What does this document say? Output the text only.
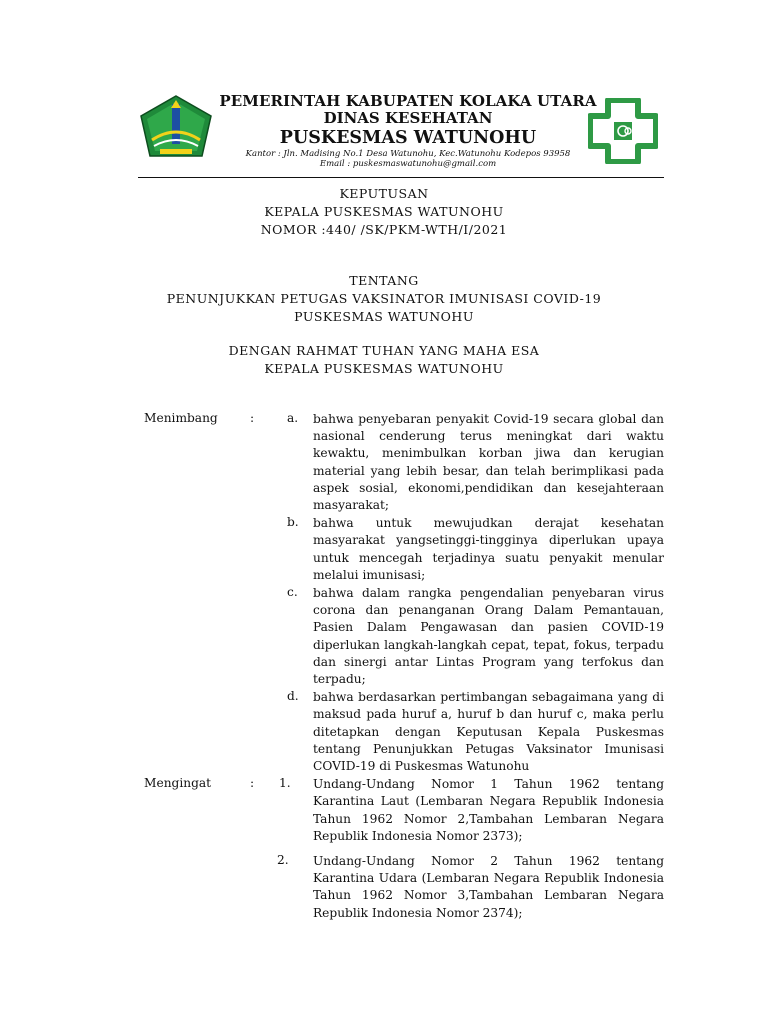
PEMERINTAH KABUPATEN KOLAKA UTARA
DINAS KESEHATAN
PUSKESMAS WATUNOHU
Kantor : Jln. Madising No.1 Desa Watunohu, Kec.Watunohu Kodepos 93958
Email : puskesmaswatunohu@gmail.com
KEPUTUSAN
KEPALA PUSKESMAS WATUNOHU
NOMOR :440/ /SK/PKM-WTH/I/2021
TENTANG
PENUNJUKKAN PETUGAS VAKSINATOR IMUNISASI COVID-19
PUSKESMAS WATUNOHU
DENGAN RAHMAT TUHAN YANG MAHA ESA
KEPALA PUSKESMAS WATUNOHU
Menimbang	:	a. bahwa penyebaran penyakit Covid-19 secara global dan nasional cenderung terus meningkat dari waktu kewaktu, menimbulkan korban jiwa dan kerugian material yang lebih besar, dan telah berimplikasi pada aspek sosial, ekonomi,pendidikan dan kesejahteraan masyarakat;
b. bahwa untuk mewujudkan derajat kesehatan masyarakat yangsetinggi-tingginya diperlukan upaya untuk mencegah terjadinya suatu penyakit menular melalui imunisasi;
c. bahwa dalam rangka pengendalian penyebaran virus corona dan penanganan Orang Dalam Pemantauan, Pasien Dalam Pengawasan dan pasien COVID-19 diperlukan langkah-langkah cepat, tepat, fokus, terpadu dan sinergi antar Lintas Program yang terfokus dan terpadu;
d. bahwa berdasarkan pertimbangan sebagaimana yang di maksud pada huruf a, huruf b dan huruf c, maka perlu ditetapkan dengan Keputusan Kepala Puskesmas tentang Penunjukkan Petugas Vaksinator Imunisasi COVID-19 di Puskesmas Watunohu
Mengingat	: 1. Undang-Undang Nomor 1 Tahun 1962 tentang Karantina Laut (Lembaran Negara Republik Indonesia Tahun 1962 Nomor 2,Tambahan Lembaran Negara Republik Indonesia Nomor 2373);
2. Undang-Undang Nomor 2 Tahun 1962 tentang Karantina Udara (Lembaran Negara Republik Indonesia Tahun 1962 Nomor 3,Tambahan Lembaran Negara Republik Indonesia Nomor 2374);
